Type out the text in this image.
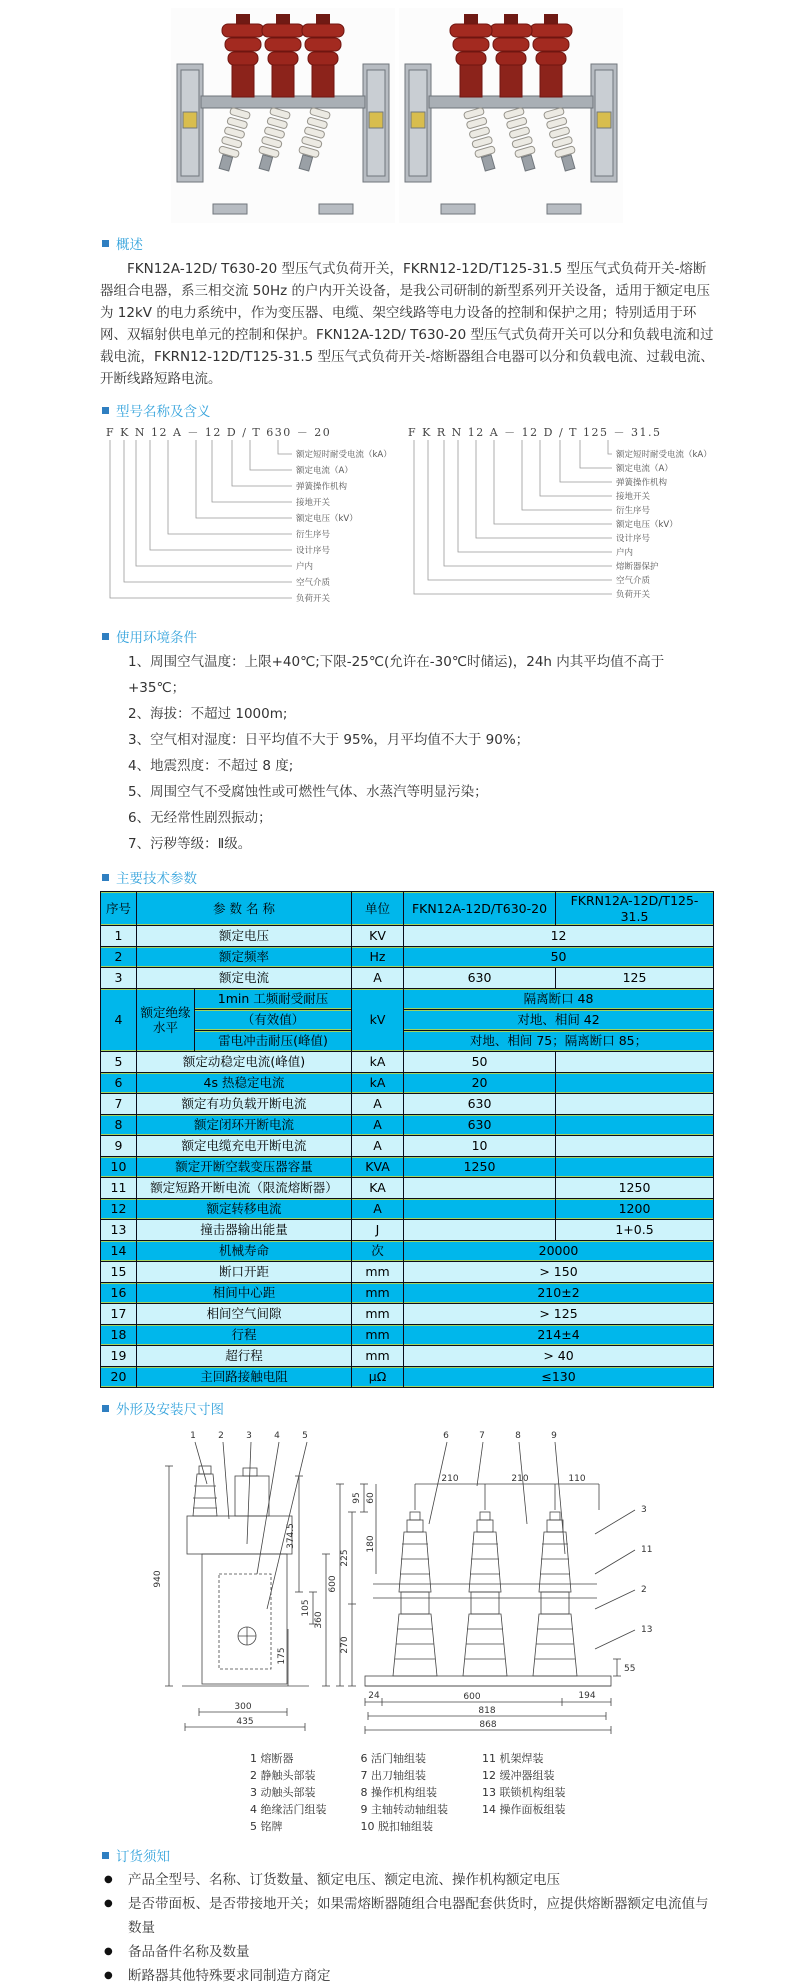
概述

FKN12A-12D/ T630-20 型压气式负荷开关，FKRN12-12D/T125-31.5 型压气式负荷开关-熔断器组合电器，系三相交流 50Hz 的户内开关设备，是我公司研制的新型系列开关设备，适用于额定电压为 12kV 的电力系统中，作为变压器、电缆、架空线路等电力设备的控制和保护之用；特别适用于环网、双辐射供电单元的控制和保护。FKN12A-12D/ T630-20 型压气式负荷开关可以分和负载电流和过载电流，FKRN12-12D/T125-31.5 型压气式负荷开关-熔断器组合电器可以分和负载电流、过载电流、开断线路短路电流。

型号名称及含义
F K N 12 A － 12 D / T 630 － 20
额定短时耐受电流（kA）
额定电流（A）
弹簧操作机构
接地开关
额定电压（kV）
衍生序号
设计序号
户内
空气介质
负荷开关
F K R N 12 A － 12 D / T 125 － 31.5
额定短时耐受电流（kA）
额定电流（A）
弹簧操作机构
接地开关
衍生序号
额定电压（kV）
设计序号
户内
熔断器保护
空气介质
负荷开关
使用环境条件
1、周围空气温度：上限+40℃;下限-25℃(允许在-30℃时储运)，24h 内其平均值不高于+35℃；
2、海拔：不超过 1000m;
3、空气相对湿度：日平均值不大于 95%，月平均值不大于 90%；
4、地震烈度：不超过 8 度;
5、周围空气不受腐蚀性或可燃性气体、水蒸汽等明显污染；
6、无经常性剧烈振动；
7、污秽等级：Ⅱ级。
主要技术参数
序号	参 数 名 称		单位	FKN12A-12D/T630-20	FKRN12A-12D/T125-31.5
1	额定电压		KV	12	
2	额定频率		Hz	50	
3	额定电流		A	630	125
4	额定绝缘水平	1min 工频耐受耐压	kV	隔离断口 48	
		（有效值）		对地、相间 42	
		雷电冲击耐压(峰值)		对地、相间 75；隔离断口 85；	
5	额定动稳定电流(峰值)		kA	50	
6	4s 热稳定电流		kA	20	
7	额定有功负载开断电流		A	630	
8	额定闭环开断电流		A	630	
9	额定电缆充电开断电流		A	10	
10	额定开断空载变压器容量		KVA	1250	
11	额定短路开断电流（限流熔断器）		KA		1250
12	额定转移电流		A		1200
13	撞击器输出能量		J		1+0.5
14	机械寿命		次	20000	
15	断口开距		mm	> 150	
16	相间中心距		mm	210±2	
17	相间空气间隙		mm	> 125	
18	行程		mm	214±4	
19	超行程		mm	> 40	
20	主回路接触电阻		μΩ	≤130	
外形及安装尺寸图
940
374.5
105
360
175
300
435
210	210	110
95 60
180
225
270
600
24	600	194
818
868
55
1 2 3 4 5	6	7	8	9
3
11
2
13
1 熔断器
2 静触头部装
3 动触头部装
4 绝缘活门组装
5 铭牌
6 活门轴组装
7 出刀轴组装
8 操作机构组装
9 主轴转动轴组装
10 脱扣轴组装
11 机架焊装
12 缓冲器组装
13 联锁机构组装
14 操作面板组装
订货须知
●	产品全型号、名称、订货数量、额定电压、额定电流、操作机构额定电压
●	是否带面板、是否带接地开关；如果需熔断器随组合电器配套供货时，应提供熔断器额定电流值与数量
●	备品备件名称及数量
●	断路器其他特殊要求同制造方商定
